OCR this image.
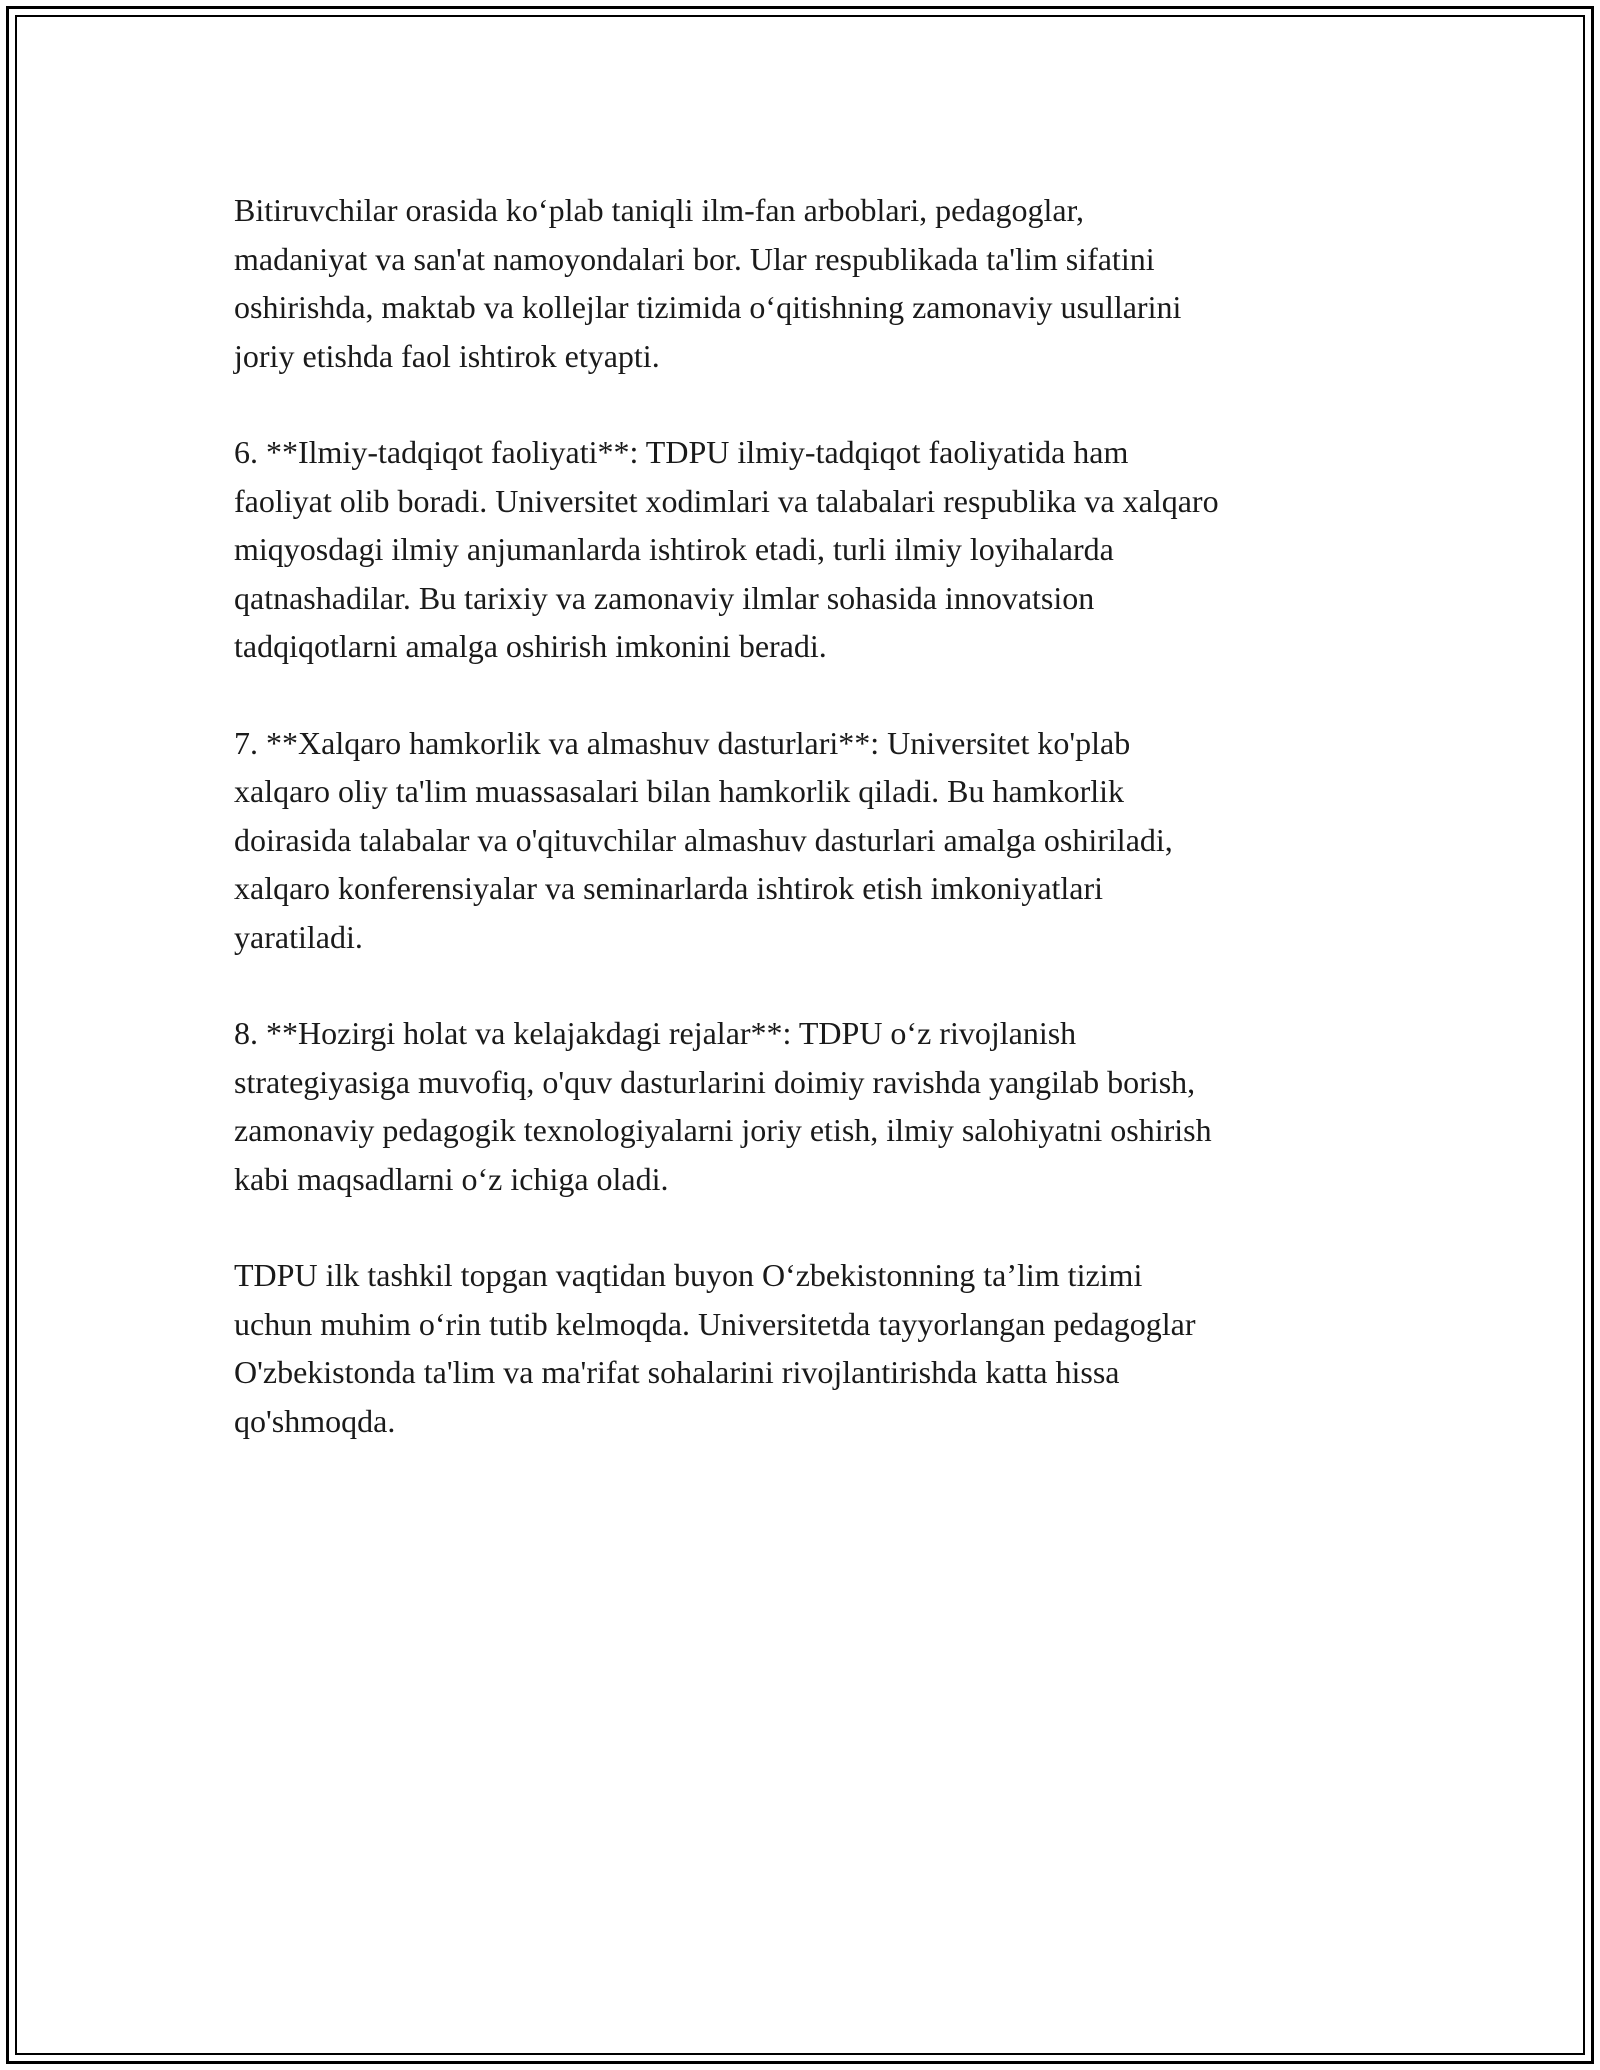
Bitiruvchilar orasida ko‘plab taniqli ilm-fan arboblari, pedagoglar,
madaniyat va san'at namoyondalari bor. Ular respublikada ta'lim sifatini
oshirishda, maktab va kollejlar tizimida o‘qitishning zamonaviy usullarini
joriy etishda faol ishtirok etyapti.

6. **Ilmiy-tadqiqot faoliyati**: TDPU ilmiy-tadqiqot faoliyatida ham
faoliyat olib boradi. Universitet xodimlari va talabalari respublika va xalqaro
miqyosdagi ilmiy anjumanlarda ishtirok etadi, turli ilmiy loyihalarda
qatnashadilar. Bu tarixiy va zamonaviy ilmlar sohasida innovatsion
tadqiqotlarni amalga oshirish imkonini beradi.

7. **Xalqaro hamkorlik va almashuv dasturlari**: Universitet ko'plab
xalqaro oliy ta'lim muassasalari bilan hamkorlik qiladi. Bu hamkorlik
doirasida talabalar va o'qituvchilar almashuv dasturlari amalga oshiriladi,
xalqaro konferensiyalar va seminarlarda ishtirok etish imkoniyatlari
yaratiladi.

8. **Hozirgi holat va kelajakdagi rejalar**: TDPU o‘z rivojlanish
strategiyasiga muvofiq, o'quv dasturlarini doimiy ravishda yangilab borish,
zamonaviy pedagogik texnologiyalarni joriy etish, ilmiy salohiyatni oshirish
kabi maqsadlarni o‘z ichiga oladi.

TDPU ilk tashkil topgan vaqtidan buyon O‘zbekistonning ta’lim tizimi
uchun muhim o‘rin tutib kelmoqda. Universitetda tayyorlangan pedagoglar
O'zbekistonda ta'lim va ma'rifat sohalarini rivojlantirishda katta hissa
qo'shmoqda.
